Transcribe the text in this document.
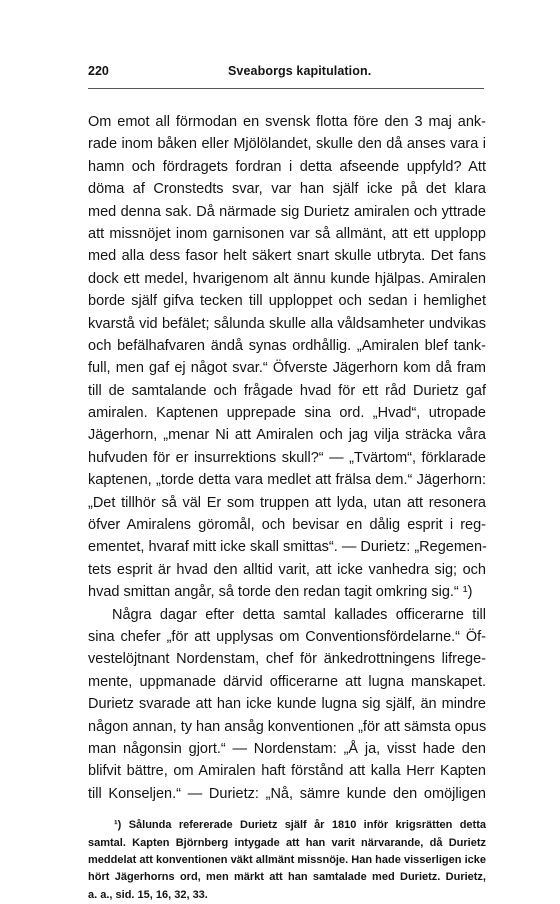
220	Sveaborgs kapitulation.
Om emot all förmodan en svensk flotta före den 3 maj ank-
rade inom båken eller Mjölölandet, skulle den då anses vara i
hamn och fördragets fordran i detta afseende uppfyld? Att
döma af Cronstedts svar, var han själf icke på det klara
med denna sak. Då närmade sig Durietz amiralen och yttrade
att missnöjet inom garnisonen var så allmänt, att ett upplopp
med alla dess fasor helt säkert snart skulle utbryta. Det fans
dock ett medel, hvarigenom alt ännu kunde hjälpas. Amiralen
borde själf gifva tecken till upploppet och sedan i hemlighet
kvarstå vid befälet; sålunda skulle alla våldsamheter undvikas
och befälhafvaren ändå synas ordhållig. „Amiralen blef tank-
full, men gaf ej något svar.“ Öfverste Jägerhorn kom då fram
till de samtalande och frågade hvad för ett råd Durietz gaf
amiralen. Kaptenen upprepade sina ord. „Hvad“, utropade
Jägerhorn, „menar Ni att Amiralen och jag vilja sträcka våra
hufvuden för er insurrektions skull?“ — „Tvärtom“, förklarade
kaptenen, „torde detta vara medlet att frälsa dem.“ Jägerhorn:
„Det tillhör så väl Er som truppen att lyda, utan att resonera
öfver Amiralens göromål, och bevisar en dålig esprit i reg-
ementet, hvaraf mitt icke skall smittas“. — Durietz: „Regemen-
tets esprit är hvad den alltid varit, att icke vanhedra sig; och
hvad smittan angår, så torde den redan tagit omkring sig.“ ¹)
Några dagar efter detta samtal kallades officerarne till
sina chefer „för att upplysas om Conventionsfördelarne.“ Öf-
vestelöjtnant Nordenstam, chef för änkedrottningens lifrege-
mente, uppmanade därvid officerarne att lugna manskapet.
Durietz svarade att han icke kunde lugna sig själf, än mindre
någon annan, ty han ansåg konventionen „för att sämsta opus
man någonsin gjort.“ — Nordenstam: „Å ja, visst hade den
blifvit bättre, om Amiralen haft förstånd att kalla Herr Kapten
till Konseljen.“ — Durietz: „Nå, sämre kunde den omöjligen
¹) Sålunda refererade Durietz själf år 1810 inför krigsrätten detta
samtal. Kapten Björnberg intygade att han varit närvarande, då Durietz
meddelat att konventionen väkt allmänt missnöje. Han hade visserligen icke
hört Jägerhorns ord, men märkt att han samtalade med Durietz. Durietz,
a. a., sid. 15, 16, 32, 33.
